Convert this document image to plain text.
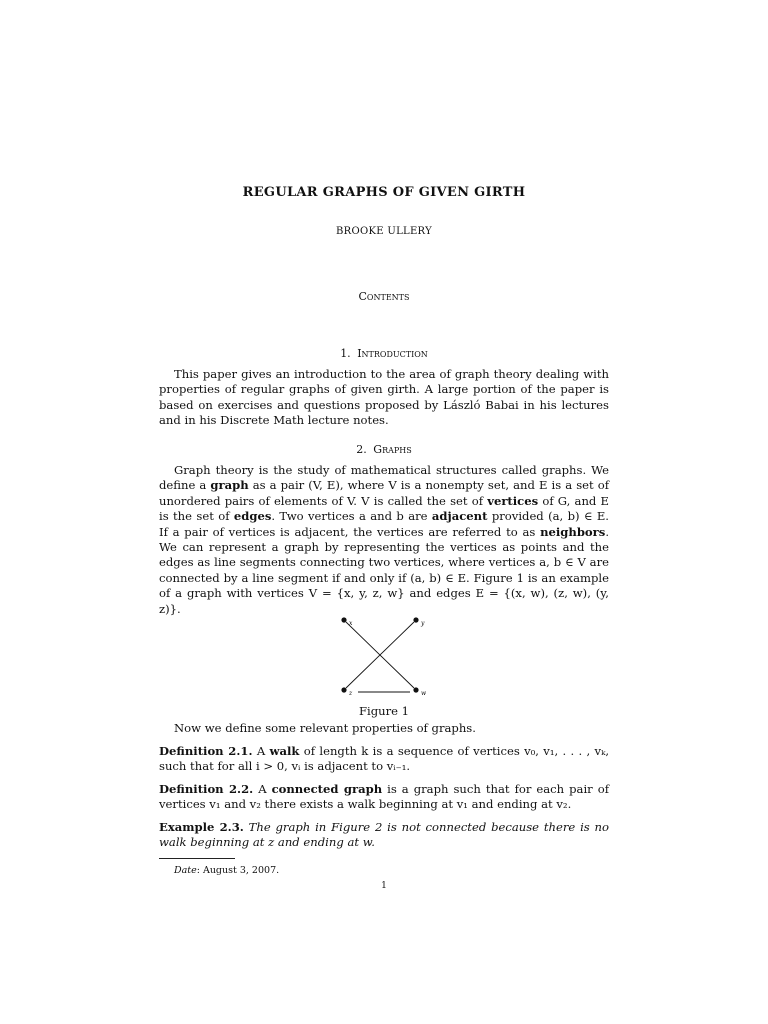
REGULAR GRAPHS OF GIVEN GIRTH
BROOKE ULLERY
Contents
1. Introduction
This paper gives an introduction to the area of graph theory dealing with properties of regular graphs of given girth. A large portion of the paper is based on exercises and questions proposed by László Babai in his lectures and in his Discrete Math lecture notes.
2. Graphs
Graph theory is the study of mathematical structures called graphs. We define a graph as a pair (V, E), where V is a nonempty set, and E is a set of unordered pairs of elements of V. V is called the set of vertices of G, and E is the set of edges. Two vertices a and b are adjacent provided (a, b) ∈ E. If a pair of vertices is adjacent, the vertices are referred to as neighbors. We can represent a graph by representing the vertices as points and the edges as line segments connecting two vertices, where vertices a, b ∈ V are connected by a line segment if and only if (a, b) ∈ E. Figure 1 is an example of a graph with vertices V = {x, y, z, w} and edges E = {(x, w), (z, w), (y, z)}.
x	y
z	w
Figure 1
Now we define some relevant properties of graphs.
Definition 2.1. A walk of length k is a sequence of vertices v₀, v₁, . . . , vₖ, such that for all i > 0, vᵢ is adjacent to vᵢ₋₁.
Definition 2.2. A connected graph is a graph such that for each pair of vertices v₁ and v₂ there exists a walk beginning at v₁ and ending at v₂.
Example 2.3. The graph in Figure 2 is not connected because there is no walk beginning at z and ending at w.
Date: August 3, 2007.
1
